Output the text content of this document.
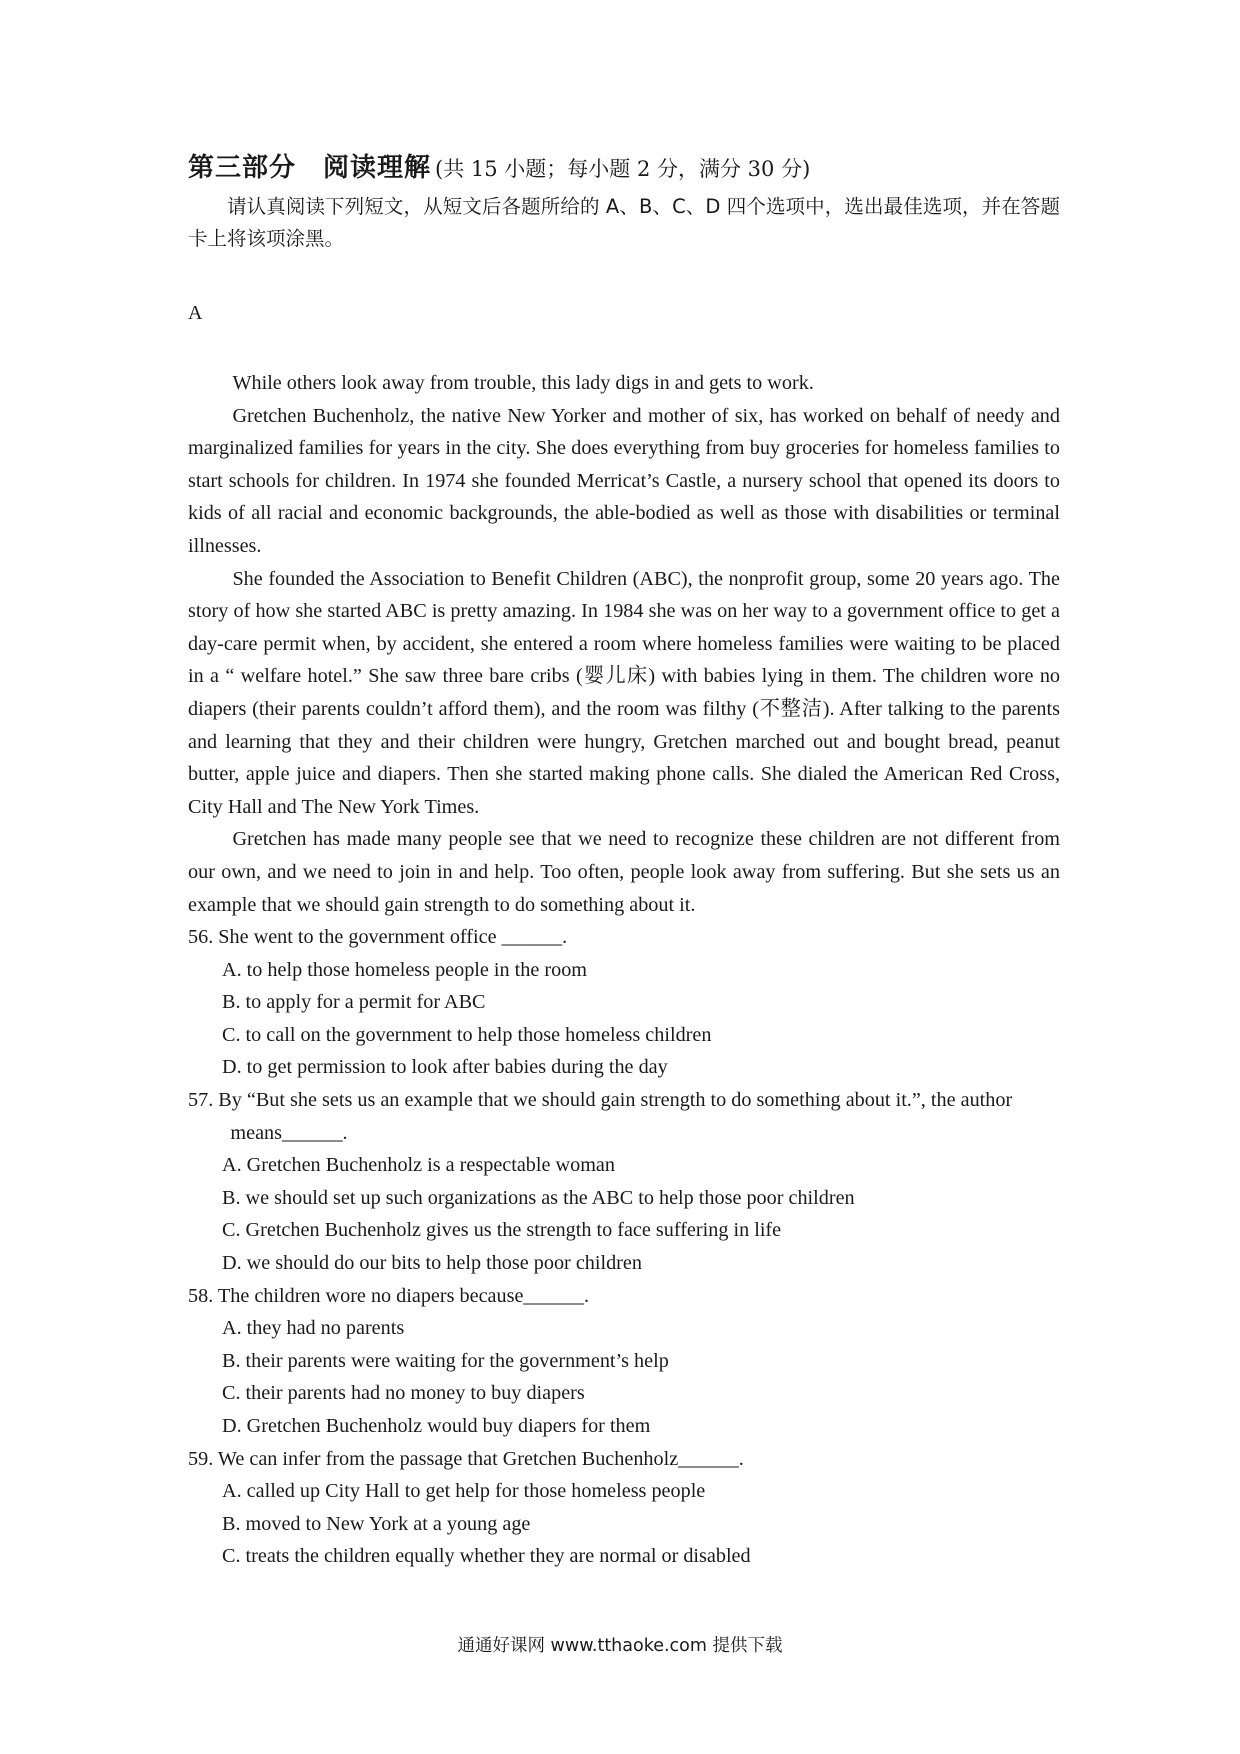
第三部分　阅读理解 (共 15 小题；每小题 2 分，满分 30 分)

请认真阅读下列短文，从短文后各题所给的 A、B、C、D 四个选项中，选出最佳选项，并在答题卡上将该项涂黑。

A

While others look away from trouble, this lady digs in and gets to work.

Gretchen Buchenholz, the native New Yorker and mother of six, has worked on behalf of needy and marginalized families for years in the city. She does everything from buy groceries for homeless families to start schools for children. In 1974 she founded Merricat’s Castle, a nursery school that opened its doors to kids of all racial and economic backgrounds, the able-bodied as well as those with disabilities or terminal illnesses.

She founded the Association to Benefit Children (ABC), the nonprofit group, some 20 years ago. The story of how she started ABC is pretty amazing. In 1984 she was on her way to a government office to get a day-care permit when, by accident, she entered a room where homeless families were waiting to be placed in a “ welfare hotel.” She saw three bare cribs (婴儿床) with babies lying in them. The children wore no diapers (their parents couldn’t afford them), and the room was filthy (不整洁). After talking to the parents and learning that they and their children were hungry, Gretchen marched out and bought bread, peanut butter, apple juice and diapers. Then she started making phone calls. She dialed the American Red Cross, City Hall and The New York Times.

Gretchen has made many people see that we need to recognize these children are not different from our own, and we need to join in and help. Too often, people look away from suffering. But she sets us an example that we should gain strength to do something about it.

56. She went to the government office ______.

A. to help those homeless people in the room

B. to apply for a permit for ABC

C. to call on the government to help those homeless children

D. to get permission to look after babies during the day

57. By “But she sets us an example that we should gain strength to do something about it.”, the author means______.

A. Gretchen Buchenholz is a respectable woman

B. we should set up such organizations as the ABC to help those poor children

C. Gretchen Buchenholz gives us the strength to face suffering in life

D. we should do our bits to help those poor children

58. The children wore no diapers because______.

A. they had no parents

B. their parents were waiting for the government’s help

C. their parents had no money to buy diapers

D. Gretchen Buchenholz would buy diapers for them

59. We can infer from the passage that Gretchen Buchenholz______.

A. called up City Hall to get help for those homeless people

B. moved to New York at a young age

C. treats the children equally whether they are normal or disabled

通通好课网 www.tthaoke.com 提供下载
